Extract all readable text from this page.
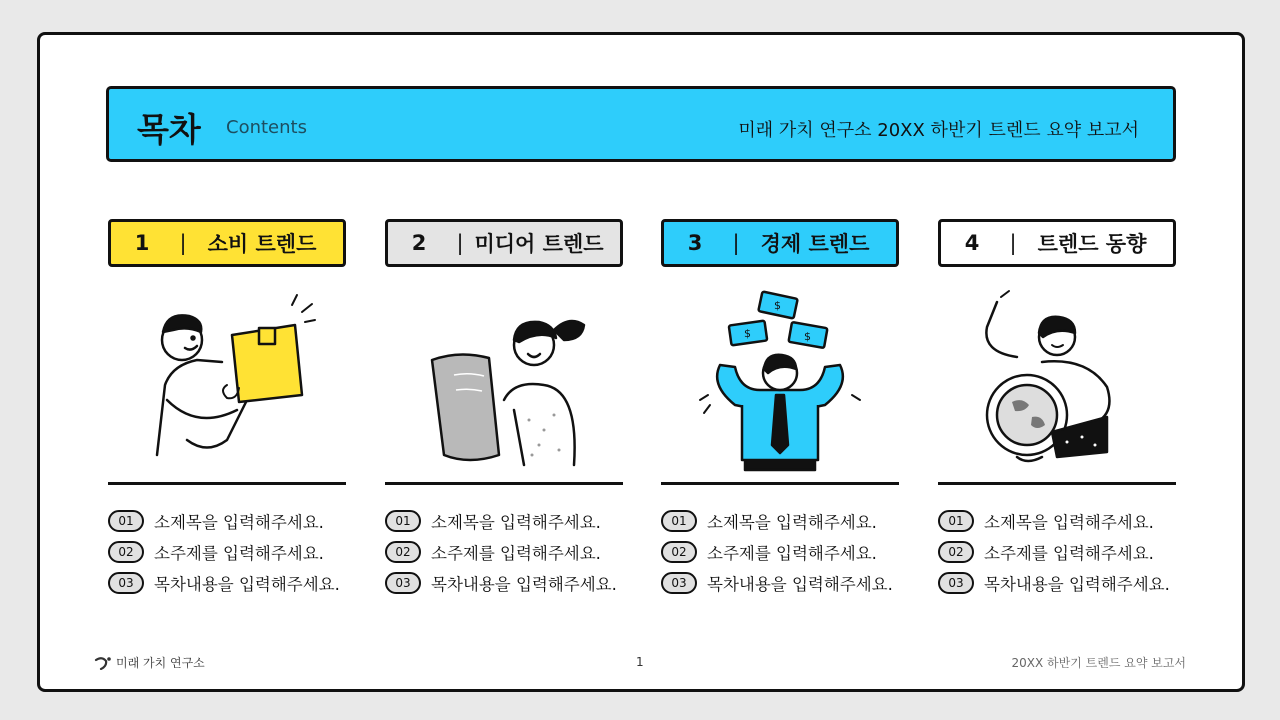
목차 Contents	미래 가치 연구소 20XX 하반기 트렌드 요약 보고서
1	|	소비 트렌드
01	소제목을 입력해주세요.
02	소주제를 입력해주세요.
03	목차내용을 입력해주세요.
2	| 미디어 트렌드
01	소제목을 입력해주세요.
02	소주제를 입력해주세요.
03	목차내용을 입력해주세요.
3	|	경제 트렌드
$
$	$
01	소제목을 입력해주세요.
02	소주제를 입력해주세요.
03	목차내용을 입력해주세요.
4	|	트렌드 동향
01	소제목을 입력해주세요.
02	소주제를 입력해주세요.
03	목차내용을 입력해주세요.
미래 가치 연구소	1	20XX 하반기 트렌드 요약 보고서
